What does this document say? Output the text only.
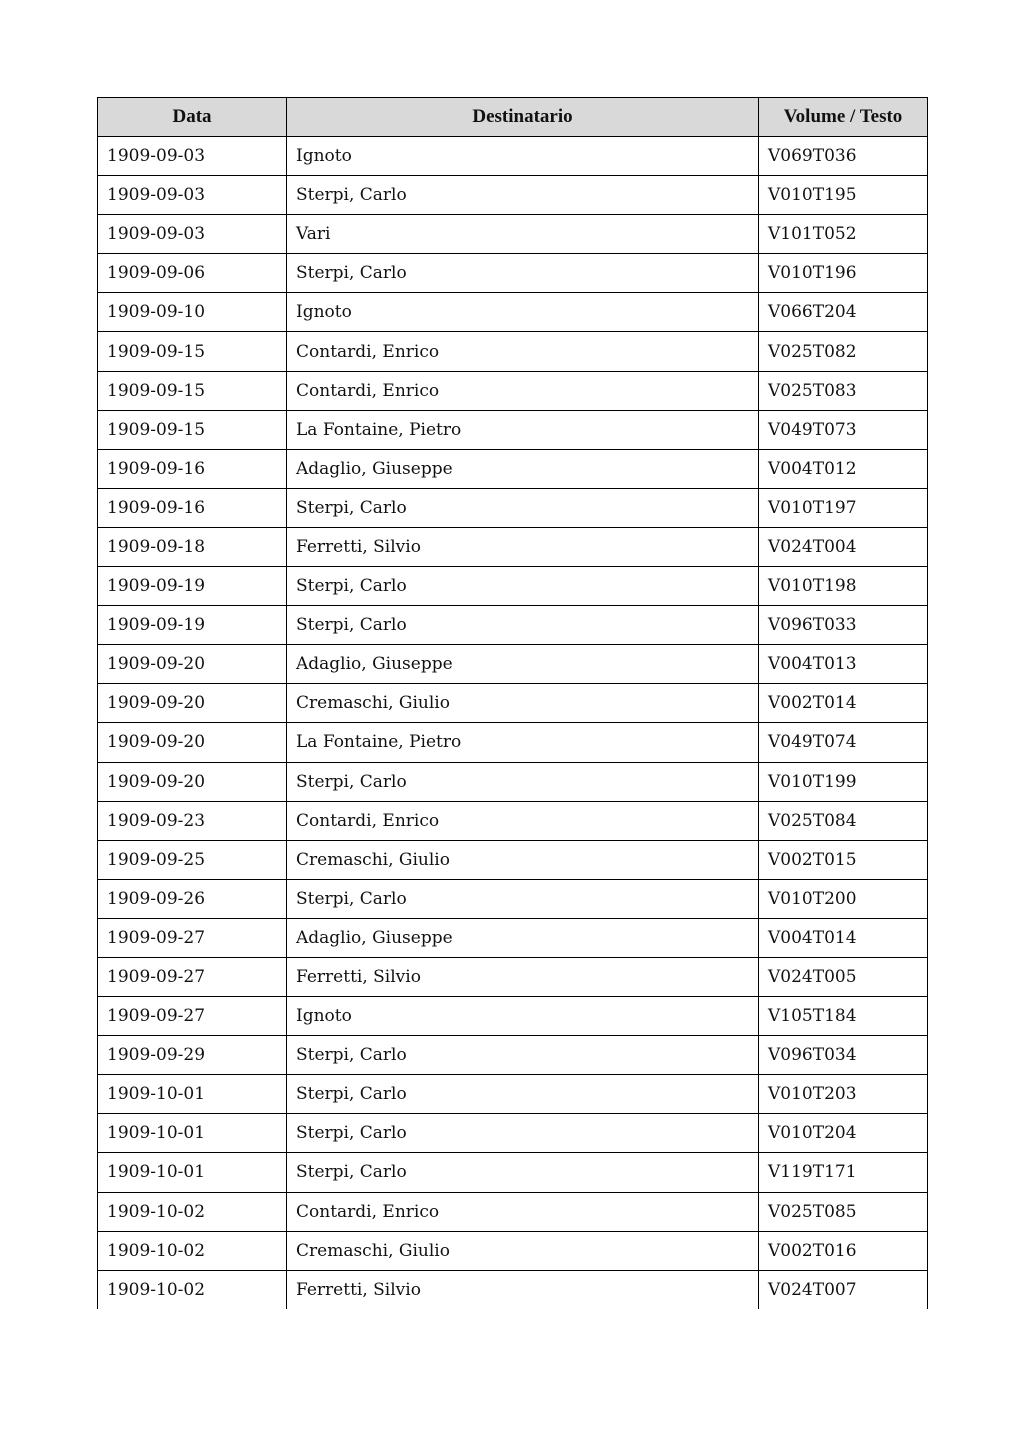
Data	Destinatario	Volume / Testo
1909-09-03	Ignoto	V069T036
1909-09-03	Sterpi, Carlo	V010T195
1909-09-03	Vari	V101T052
1909-09-06	Sterpi, Carlo	V010T196
1909-09-10	Ignoto	V066T204
1909-09-15	Contardi, Enrico	V025T082
1909-09-15	Contardi, Enrico	V025T083
1909-09-15	La Fontaine, Pietro	V049T073
1909-09-16	Adaglio, Giuseppe	V004T012
1909-09-16	Sterpi, Carlo	V010T197
1909-09-18	Ferretti, Silvio	V024T004
1909-09-19	Sterpi, Carlo	V010T198
1909-09-19	Sterpi, Carlo	V096T033
1909-09-20	Adaglio, Giuseppe	V004T013
1909-09-20	Cremaschi, Giulio	V002T014
1909-09-20	La Fontaine, Pietro	V049T074
1909-09-20	Sterpi, Carlo	V010T199
1909-09-23	Contardi, Enrico	V025T084
1909-09-25	Cremaschi, Giulio	V002T015
1909-09-26	Sterpi, Carlo	V010T200
1909-09-27	Adaglio, Giuseppe	V004T014
1909-09-27	Ferretti, Silvio	V024T005
1909-09-27	Ignoto	V105T184
1909-09-29	Sterpi, Carlo	V096T034
1909-10-01	Sterpi, Carlo	V010T203
1909-10-01	Sterpi, Carlo	V010T204
1909-10-01	Sterpi, Carlo	V119T171
1909-10-02	Contardi, Enrico	V025T085
1909-10-02	Cremaschi, Giulio	V002T016
1909-10-02	Ferretti, Silvio	V024T007
